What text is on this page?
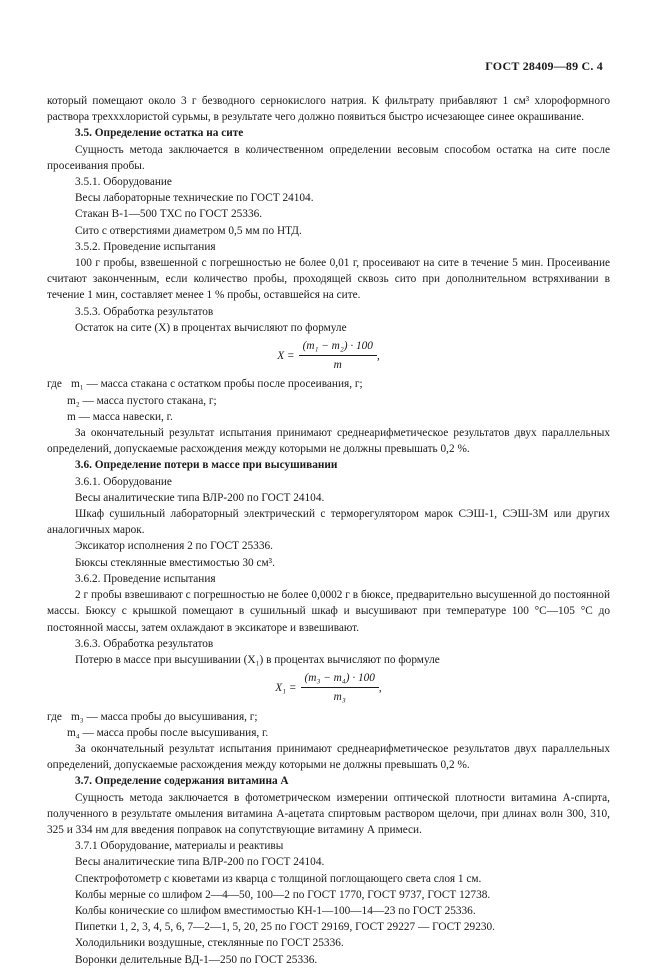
ГОСТ 28409—89 С. 4

который помещают около 3 г безводного сернокислого натрия. К фильтрату прибавляют 1 см³ хлороформного раствора трехххлористой сурьмы, в результате чего должно появиться быстро исчезающее синее окрашивание.

3.5. Определение остатка на сите

Сущность метода заключается в количественном определении весовым способом остатка на сите после просеивания пробы.

3.5.1. Оборудование

Весы лабораторные технические по ГОСТ 24104.

Стакан В-1—500 ТХС по ГОСТ 25336.

Сито с отверстиями диаметром 0,5 мм по НТД.

3.5.2. Проведение испытания

100 г пробы, взвешенной с погрешностью не более 0,01 г, просеивают на сите в течение 5 мин. Просеивание считают законченным, если количество пробы, проходящей сквозь сито при дополнительном встряхивании в течение 1 мин, составляет менее 1 % пробы, оставшейся на сите.

3.5.3. Обработка результатов

Остаток на сите (X) в процентах вычисляют по формуле

$X = \frac{\text{(m₁ − m₂) · 100}}{m}$ ,
где m₁ — масса стакана с остатком пробы после просеивания, г;
m₂ — масса пустого стакана, г;
m — масса навески, г.

За окончательный результат испытания принимают среднеарифметическое результатов двух параллельных определений, допускаемые расхождения между которыми не должны превышать 0,2 %.

3.6. Определение потери в массе при высушивании

3.6.1. Оборудование

Весы аналитические типа ВЛР-200 по ГОСТ 24104.

Шкаф сушильный лабораторный электрический с терморегулятором марок СЭШ-1, СЭШ-3М или других аналогичных марок.

Эксикатор исполнения 2 по ГОСТ 25336.

Бюксы стеклянные вместимостью 30 см³.

3.6.2. Проведение испытания

2 г пробы взвешивают с погрешностью не более 0,0002 г в бюксе, предварительно высушенной до постоянной массы. Бюксу с крышкой помещают в сушильный шкаф и высушивают при температуре 100 °С—105 °С до постоянной массы, затем охлаждают в эксикаторе и взвешивают.

3.6.3. Обработка результатов

Потерю в массе при высушивании (X₁) в процентах вычисляют по формуле

$X_1 = \frac{\text{(m₃ − m₄) · 100}}{\text{m₃}}$ ,
где m₃ — масса пробы до высушивания, г;
m₄ — масса пробы после высушивания, г.

За окончательный результат испытания принимают среднеарифметическое результатов двух параллельных определений, допускаемые расхождения между которыми не должны превышать 0,2 %.

3.7. Определение содержания витамина А

Сущность метода заключается в фотометрическом измерении оптической плотности витамина А-спирта, полученного в результате омыления витамина А-ацетата спиртовым раствором щелочи, при длинах волн 300, 310, 325 и 334 нм для введения поправок на сопутствующие витамину А примеси.

3.7.1 Оборудование, материалы и реактивы

Весы аналитические типа ВЛР-200 по ГОСТ 24104.

Спектрофотометр с кюветами из кварца с толщиной поглощающего света слоя 1 см.

Колбы мерные со шлифом 2—4—50, 100—2 по ГОСТ 1770, ГОСТ 9737, ГОСТ 12738.

Колбы конические со шлифом вместимостью КН-1—100—14—23 по ГОСТ 25336.

Пипетки 1, 2, 3, 4, 5, 6, 7—2—1, 5, 20, 25 по ГОСТ 29169, ГОСТ 29227 — ГОСТ 29230.

Холодильники воздушные, стеклянные по ГОСТ 25336.

Воронки делительные ВД-1—250 по ГОСТ 25336.
